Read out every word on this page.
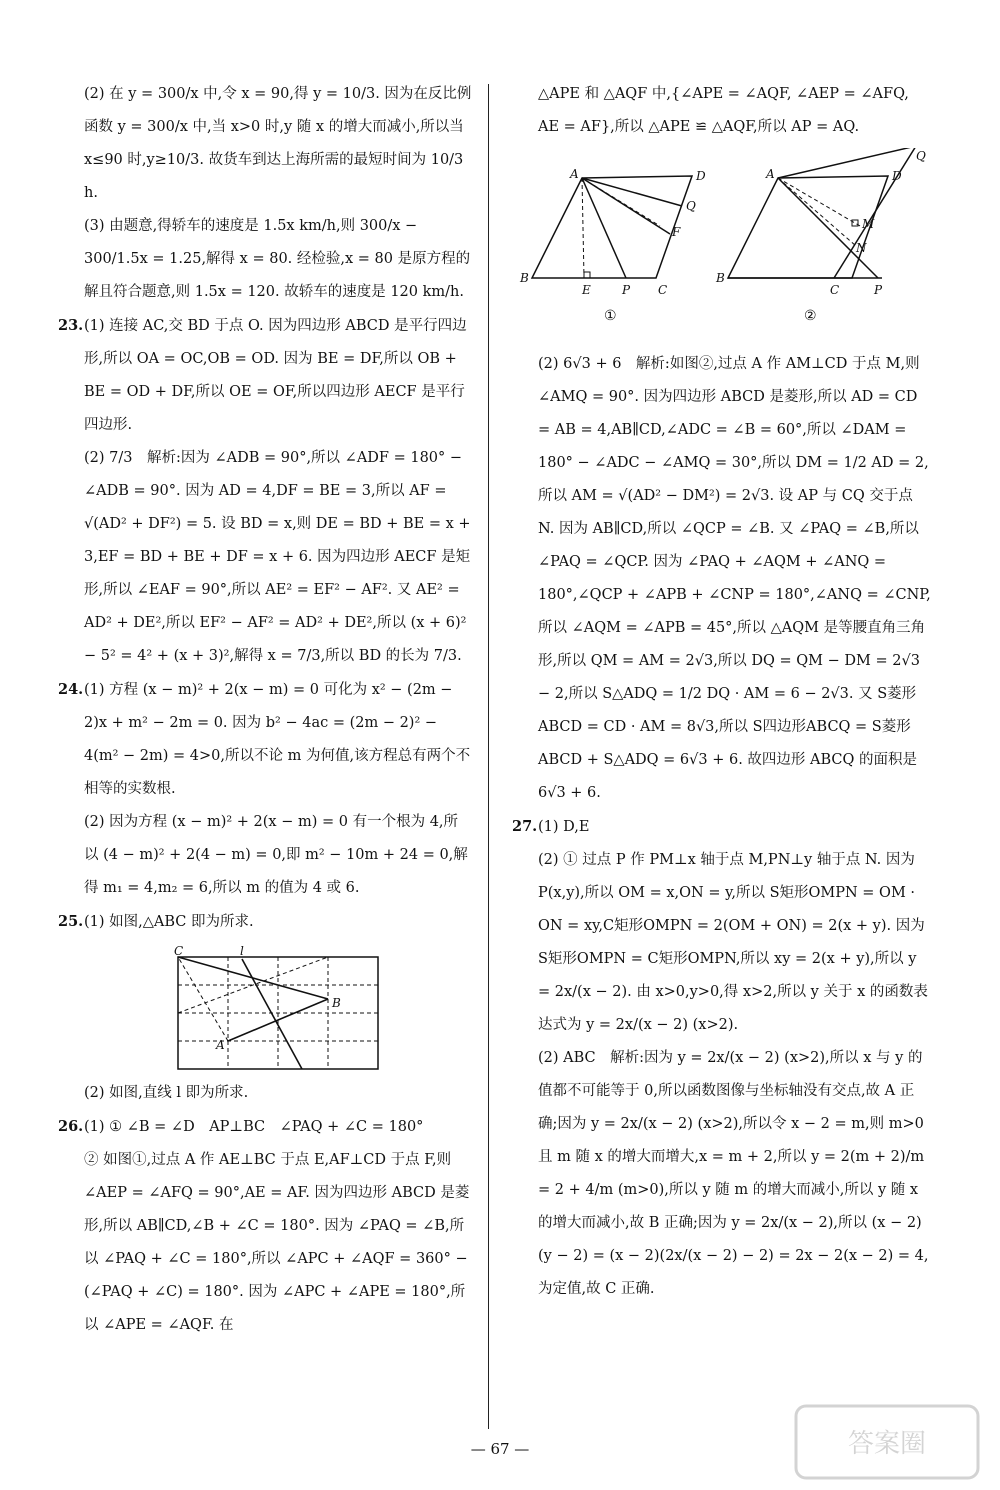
(2) 在 y = 300/x 中,令 x = 90,得 y = 10/3. 因为在反比例函数 y = 300/x 中,当 x>0 时,y 随 x 的增大而减小,所以当 x≤90 时,y≥10/3. 故货车到达上海所需的最短时间为 10/3 h.

(3) 由题意,得轿车的速度是 1.5x km/h,则 300/x − 300/1.5x = 1.25,解得 x = 80. 经检验,x = 80 是原方程的解且符合题意,则 1.5x = 120. 故轿车的速度是 120 km/h.

23.(1) 连接 AC,交 BD 于点 O. 因为四边形 ABCD 是平行四边形,所以 OA = OC,OB = OD. 因为 BE = DF,所以 OB + BE = OD + DF,所以 OE = OF,所以四边形 AECF 是平行四边形.

(2) 7/3　解析:因为 ∠ADB = 90°,所以 ∠ADF = 180° − ∠ADB = 90°. 因为 AD = 4,DF = BE = 3,所以 AF = √(AD² + DF²) = 5. 设 BD = x,则 DE = BD + BE = x + 3,EF = BD + BE + DF = x + 6. 因为四边形 AECF 是矩形,所以 ∠EAF = 90°,所以 AE² = EF² − AF². 又 AE² = AD² + DE²,所以 EF² − AF² = AD² + DE²,所以 (x + 6)² − 5² = 4² + (x + 3)²,解得 x = 7/3,所以 BD 的长为 7/3.

24.(1) 方程 (x − m)² + 2(x − m) = 0 可化为 x² − (2m − 2)x + m² − 2m = 0. 因为 b² − 4ac = (2m − 2)² − 4(m² − 2m) = 4>0,所以不论 m 为何值,该方程总有两个不相等的实数根.

(2) 因为方程 (x − m)² + 2(x − m) = 0 有一个根为 4,所以 (4 − m)² + 2(4 − m) = 0,即 m² − 10m + 24 = 0,解得 m₁ = 4,m₂ = 6,所以 m 的值为 4 或 6.

25.(1) 如图,△ABC 即为所求.

C	l
B
A

(2) 如图,直线 l 即为所求.

26.(1) ① ∠B = ∠D　AP⊥BC　∠PAQ + ∠C = 180°

② 如图①,过点 A 作 AE⊥BC 于点 E,AF⊥CD 于点 F,则 ∠AEP = ∠AFQ = 90°,AE = AF. 因为四边形 ABCD 是菱形,所以 AB∥CD,∠B + ∠C = 180°. 因为 ∠PAQ = ∠B,所以 ∠PAQ + ∠C = 180°,所以 ∠APC + ∠AQF = 360° − (∠PAQ + ∠C) = 180°. 因为 ∠APC + ∠APE = 180°,所以 ∠APE = ∠AQF. 在

△APE 和 △AQF 中,{∠APE = ∠AQF, ∠AEP = ∠AFQ, AE = AF},所以 △APE ≌ △AQF,所以 AP = AQ.

A	D
Q
F
B
E	P C
①
A	D
Q
M
N
B
C	P
②

(2) 6√3 + 6　解析:如图②,过点 A 作 AM⊥CD 于点 M,则 ∠AMQ = 90°. 因为四边形 ABCD 是菱形,所以 AD = CD = AB = 4,AB∥CD,∠ADC = ∠B = 60°,所以 ∠DAM = 180° − ∠ADC − ∠AMQ = 30°,所以 DM = 1/2 AD = 2,所以 AM = √(AD² − DM²) = 2√3. 设 AP 与 CQ 交于点 N. 因为 AB∥CD,所以 ∠QCP = ∠B. 又 ∠PAQ = ∠B,所以 ∠PAQ = ∠QCP. 因为 ∠PAQ + ∠AQM + ∠ANQ = 180°,∠QCP + ∠APB + ∠CNP = 180°,∠ANQ = ∠CNP,所以 ∠AQM = ∠APB = 45°,所以 △AQM 是等腰直角三角形,所以 QM = AM = 2√3,所以 DQ = QM − DM = 2√3 − 2,所以 S△ADQ = 1/2 DQ · AM = 6 − 2√3. 又 S菱形ABCD = CD · AM = 8√3,所以 S四边形ABCQ = S菱形ABCD + S△ADQ = 6√3 + 6. 故四边形 ABCQ 的面积是 6√3 + 6.

27.(1) D,E

(2) ① 过点 P 作 PM⊥x 轴于点 M,PN⊥y 轴于点 N. 因为 P(x,y),所以 OM = x,ON = y,所以 S矩形OMPN = OM · ON = xy,C矩形OMPN = 2(OM + ON) = 2(x + y). 因为 S矩形OMPN = C矩形OMPN,所以 xy = 2(x + y),所以 y = 2x/(x − 2). 由 x>0,y>0,得 x>2,所以 y 关于 x 的函数表达式为 y = 2x/(x − 2) (x>2).

(2) ABC　解析:因为 y = 2x/(x − 2) (x>2),所以 x 与 y 的值都不可能等于 0,所以函数图像与坐标轴没有交点,故 A 正确;因为 y = 2x/(x − 2) (x>2),所以令 x − 2 = m,则 m>0 且 m 随 x 的增大而增大,x = m + 2,所以 y = 2(m + 2)/m = 2 + 4/m (m>0),所以 y 随 m 的增大而减小,所以 y 随 x 的增大而减小,故 B 正确;因为 y = 2x/(x − 2),所以 (x − 2)(y − 2) = (x − 2)(2x/(x − 2) − 2) = 2x − 2(x − 2) = 4,为定值,故 C 正确.

— 67 —	答案圈
